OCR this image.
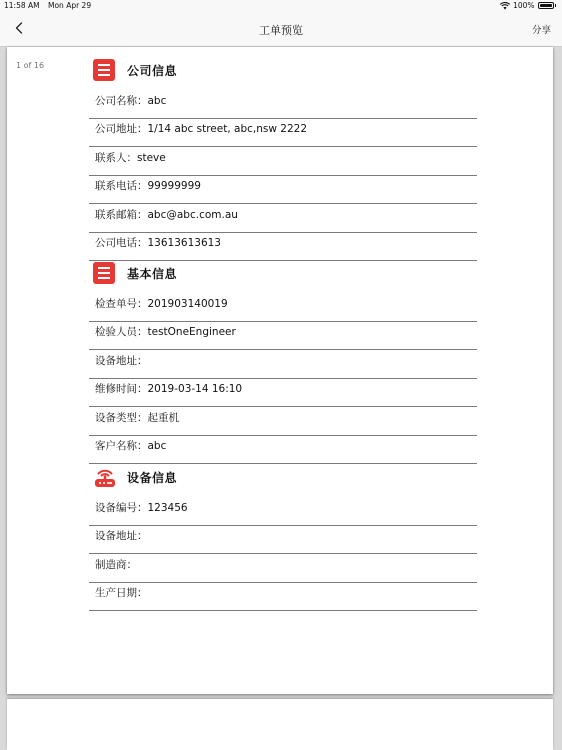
11:58 AM Mon Apr 29	100%
工单预览	分享
1 of 16	公司信息
公司名称：abc
公司地址：1/14 abc street, abc,nsw 2222
联系人：steve
联系电话：99999999
联系邮箱：abc@abc.com.au
公司电话：13613613613
基本信息
检查单号：201903140019
检验人员：testOneEngineer
设备地址：
维修时间：2019-03-14 16:10
设备类型：起重机
客户名称：abc
设备信息
设备编号：123456
设备地址：
制造商：
生产日期：
